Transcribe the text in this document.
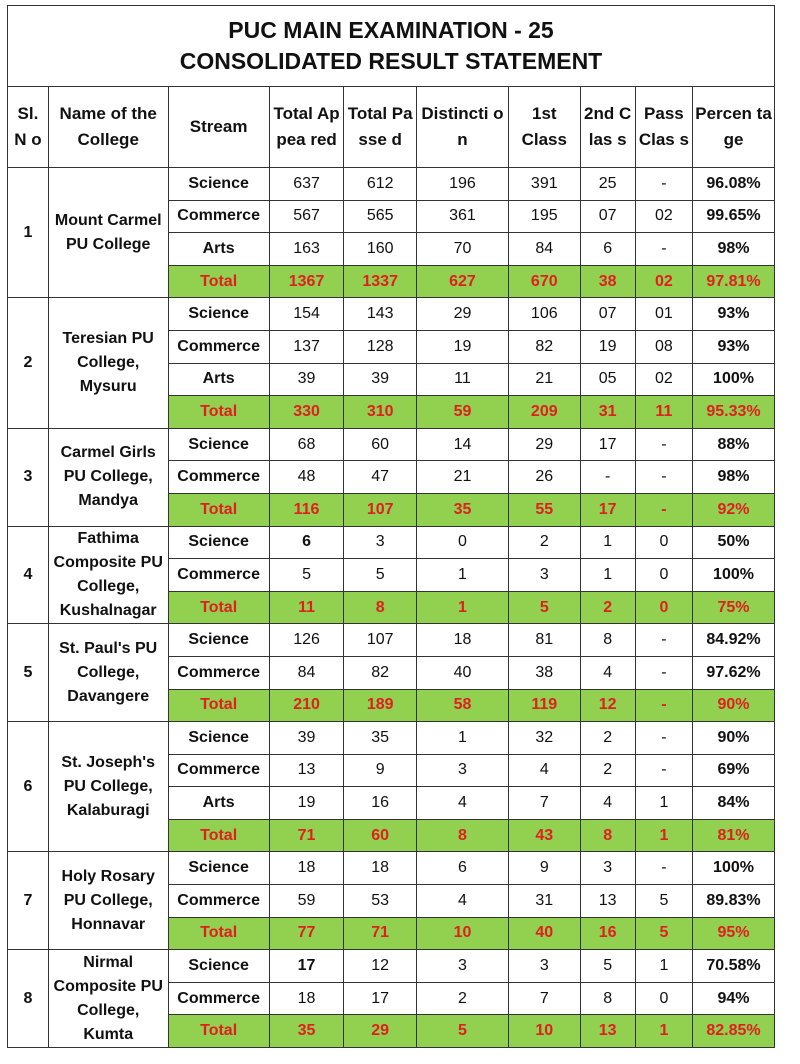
PUC MAIN EXAMINATION - 25
CONSOLIDATED RESULT STATEMENT									

Sl. N o	Name of the College	Stream	Total Appea red	Total Passe d	Distincti on	1st Class	2nd Clas s	Pass Clas s	Percen tage
1	Mount Carmel PU College	Science	637	612	196	391	25	-	96.08%
		Commerce	567	565	361	195	07	02	99.65%
		Arts	163	160	70	84	6	-	98%
		Total	1367	1337	627	670	38	02	97.81%
2	Teresian PU College, Mysuru	Science	154	143	29	106	07	01	93%
		Commerce	137	128	19	82	19	08	93%
		Arts	39	39	11	21	05	02	100%
		Total	330	310	59	209	31	11	95.33%
3	Carmel Girls PU College, Mandya	Science	68	60	14	29	17	-	88%
		Commerce	48	47	21	26	-	-	98%
		Total	116	107	35	55	17	-	92%
4	Fathima Composite PU College, Kushalnagar	Science	6	3	0	2	1	0	50%
		Commerce	5	5	1	3	1	0	100%
		Total	11	8	1	5	2	0	75%
5	St. Paul's PU College, Davangere	Science	126	107	18	81	8	-	84.92%
		Commerce	84	82	40	38	4	-	97.62%
		Total	210	189	58	119	12	-	90%
6	St. Joseph's PU College, Kalaburagi	Science	39	35	1	32	2	-	90%
		Commerce	13	9	3	4	2	-	69%
		Arts	19	16	4	7	4	1	84%
		Total	71	60	8	43	8	1	81%
7	Holy Rosary PU College, Honnavar	Science	18	18	6	9	3	-	100%
		Commerce	59	53	4	31	13	5	89.83%
		Total	77	71	10	40	16	5	95%
8	Nirmal Composite PU College, Kumta	Science	17	12	3	3	5	1	70.58%
		Commerce	18	17	2	7	8	0	94%
		Total	35	29	5	10	13	1	82.85%
